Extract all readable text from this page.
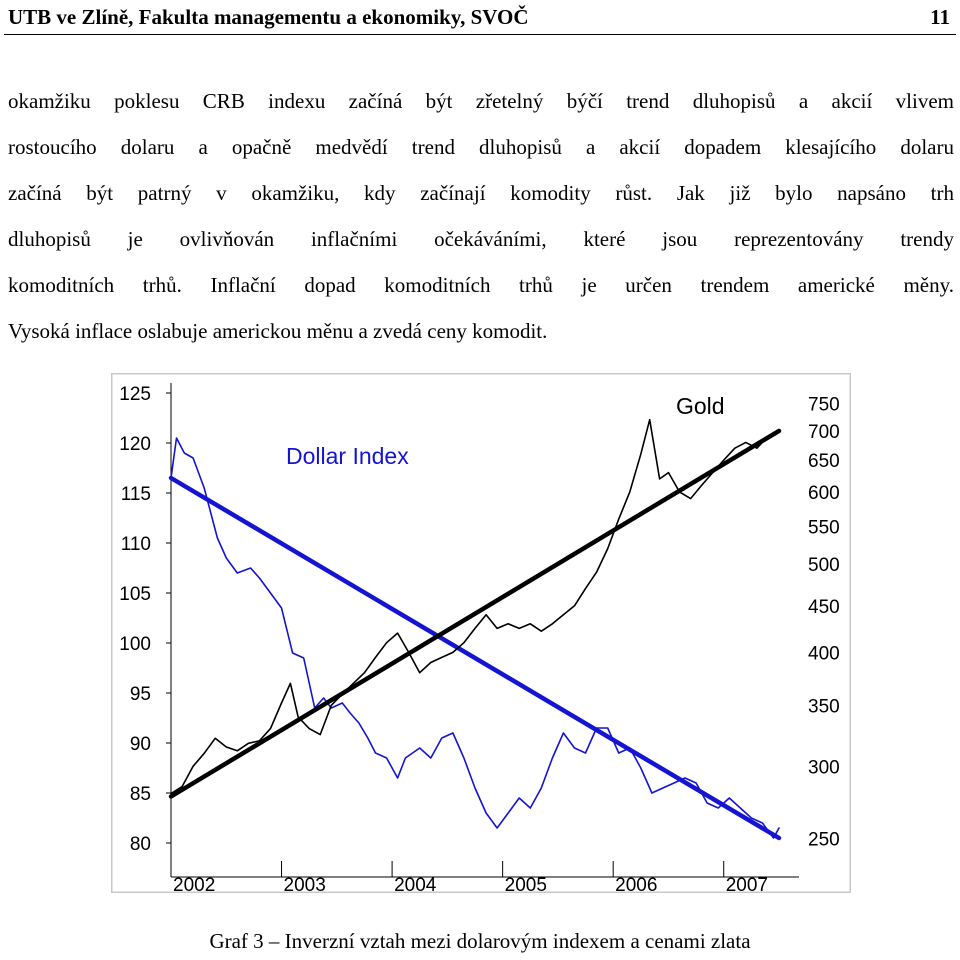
UTB ve Zlíně, Fakulta managementu a ekonomiky, SVOČ	11
okamžiku poklesu CRB indexu začíná být zřetelný býčí trend dluhopisů a akcií vlivem
rostoucího dolaru a opačně medvědí trend dluhopisů a akcií dopadem klesajícího dolaru
začíná být patrný v okamžiku, kdy začínají komodity růst. Jak již bylo napsáno trh
dluhopisů je ovlivňován inflačními očekáváními, které jsou reprezentovány trendy
komoditních trhů. Inflační dopad komoditních trhů je určen trendem americké měny.
Vysoká inflace oslabuje americkou měnu a zvedá ceny komodit.
125
120
115
110
105
100
95
90
85
80
750
700
650
600
550
500
450
400
350
300
250
2002	2003	2004	2005	2006	2007
Dollar Index
Gold
Graf 3 – Inverzní vztah mezi dolarovým indexem a cenami zlata
